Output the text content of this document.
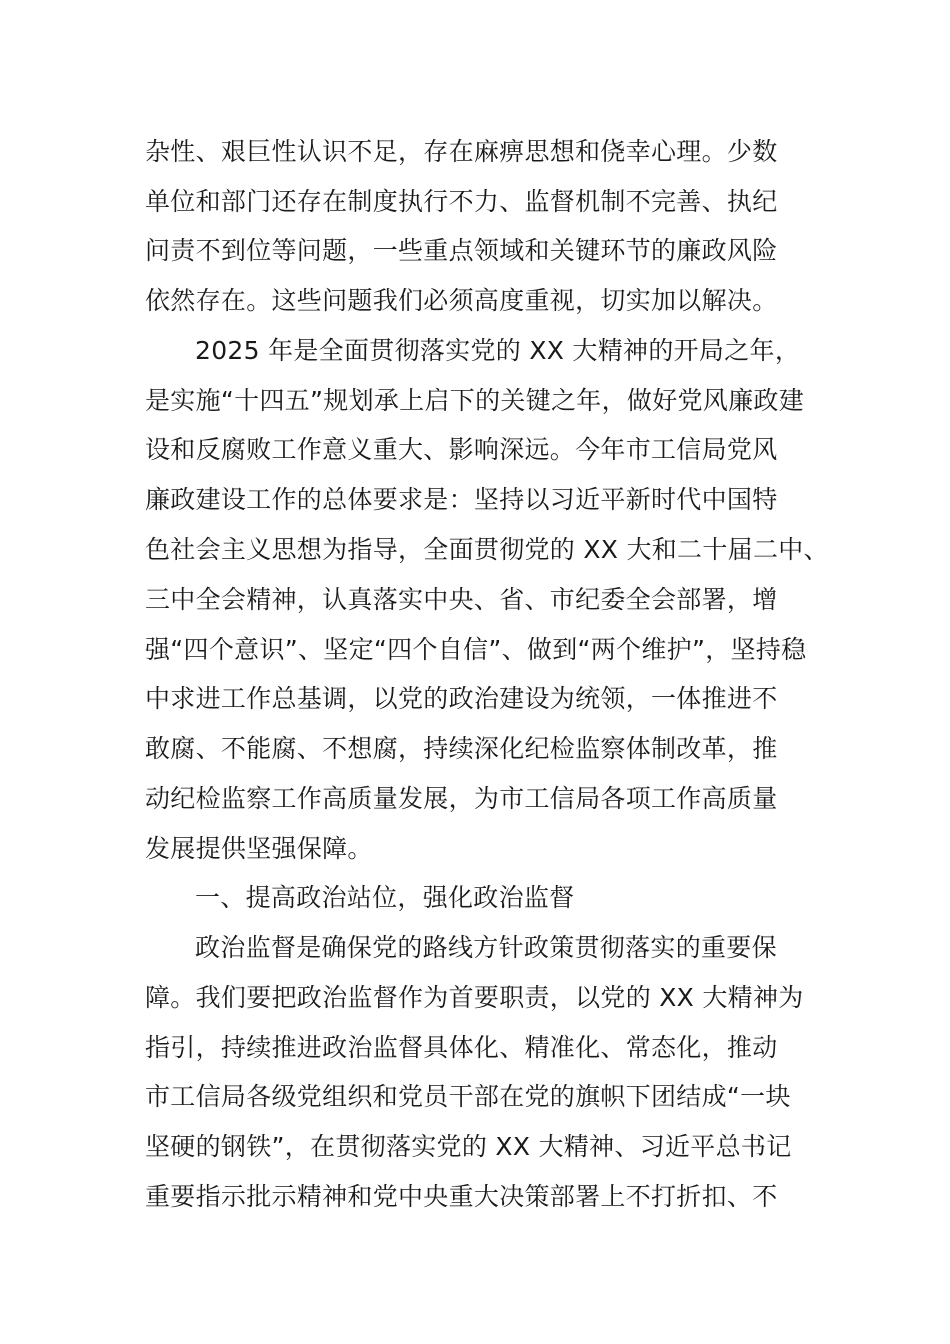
杂性、艰巨性认识不足，存在麻痹思想和侥幸心理。少数
单位和部门还存在制度执行不力、监督机制不完善、执纪
问责不到位等问题，一些重点领域和关键环节的廉政风险
依然存在。这些问题我们必须高度重视，切实加以解决。
2025 年是全面贯彻落实党的 XX 大精神的开局之年，
是实施“十四五”规划承上启下的关键之年，做好党风廉政建
设和反腐败工作意义重大、影响深远。今年市工信局党风
廉政建设工作的总体要求是：坚持以习近平新时代中国特
色社会主义思想为指导，全面贯彻党的 XX 大和二十届二中、
三中全会精神，认真落实中央、省、市纪委全会部署，增
强“四个意识”、坚定“四个自信”、做到“两个维护”，坚持稳
中求进工作总基调，以党的政治建设为统领，一体推进不
敢腐、不能腐、不想腐，持续深化纪检监察体制改革，推
动纪检监察工作高质量发展，为市工信局各项工作高质量
发展提供坚强保障。
一、提高政治站位，强化政治监督
政治监督是确保党的路线方针政策贯彻落实的重要保
障。我们要把政治监督作为首要职责，以党的 XX 大精神为
指引，持续推进政治监督具体化、精准化、常态化，推动
市工信局各级党组织和党员干部在党的旗帜下团结成“一块
坚硬的钢铁”，在贯彻落实党的 XX 大精神、习近平总书记
重要指示批示精神和党中央重大决策部署上不打折扣、不
